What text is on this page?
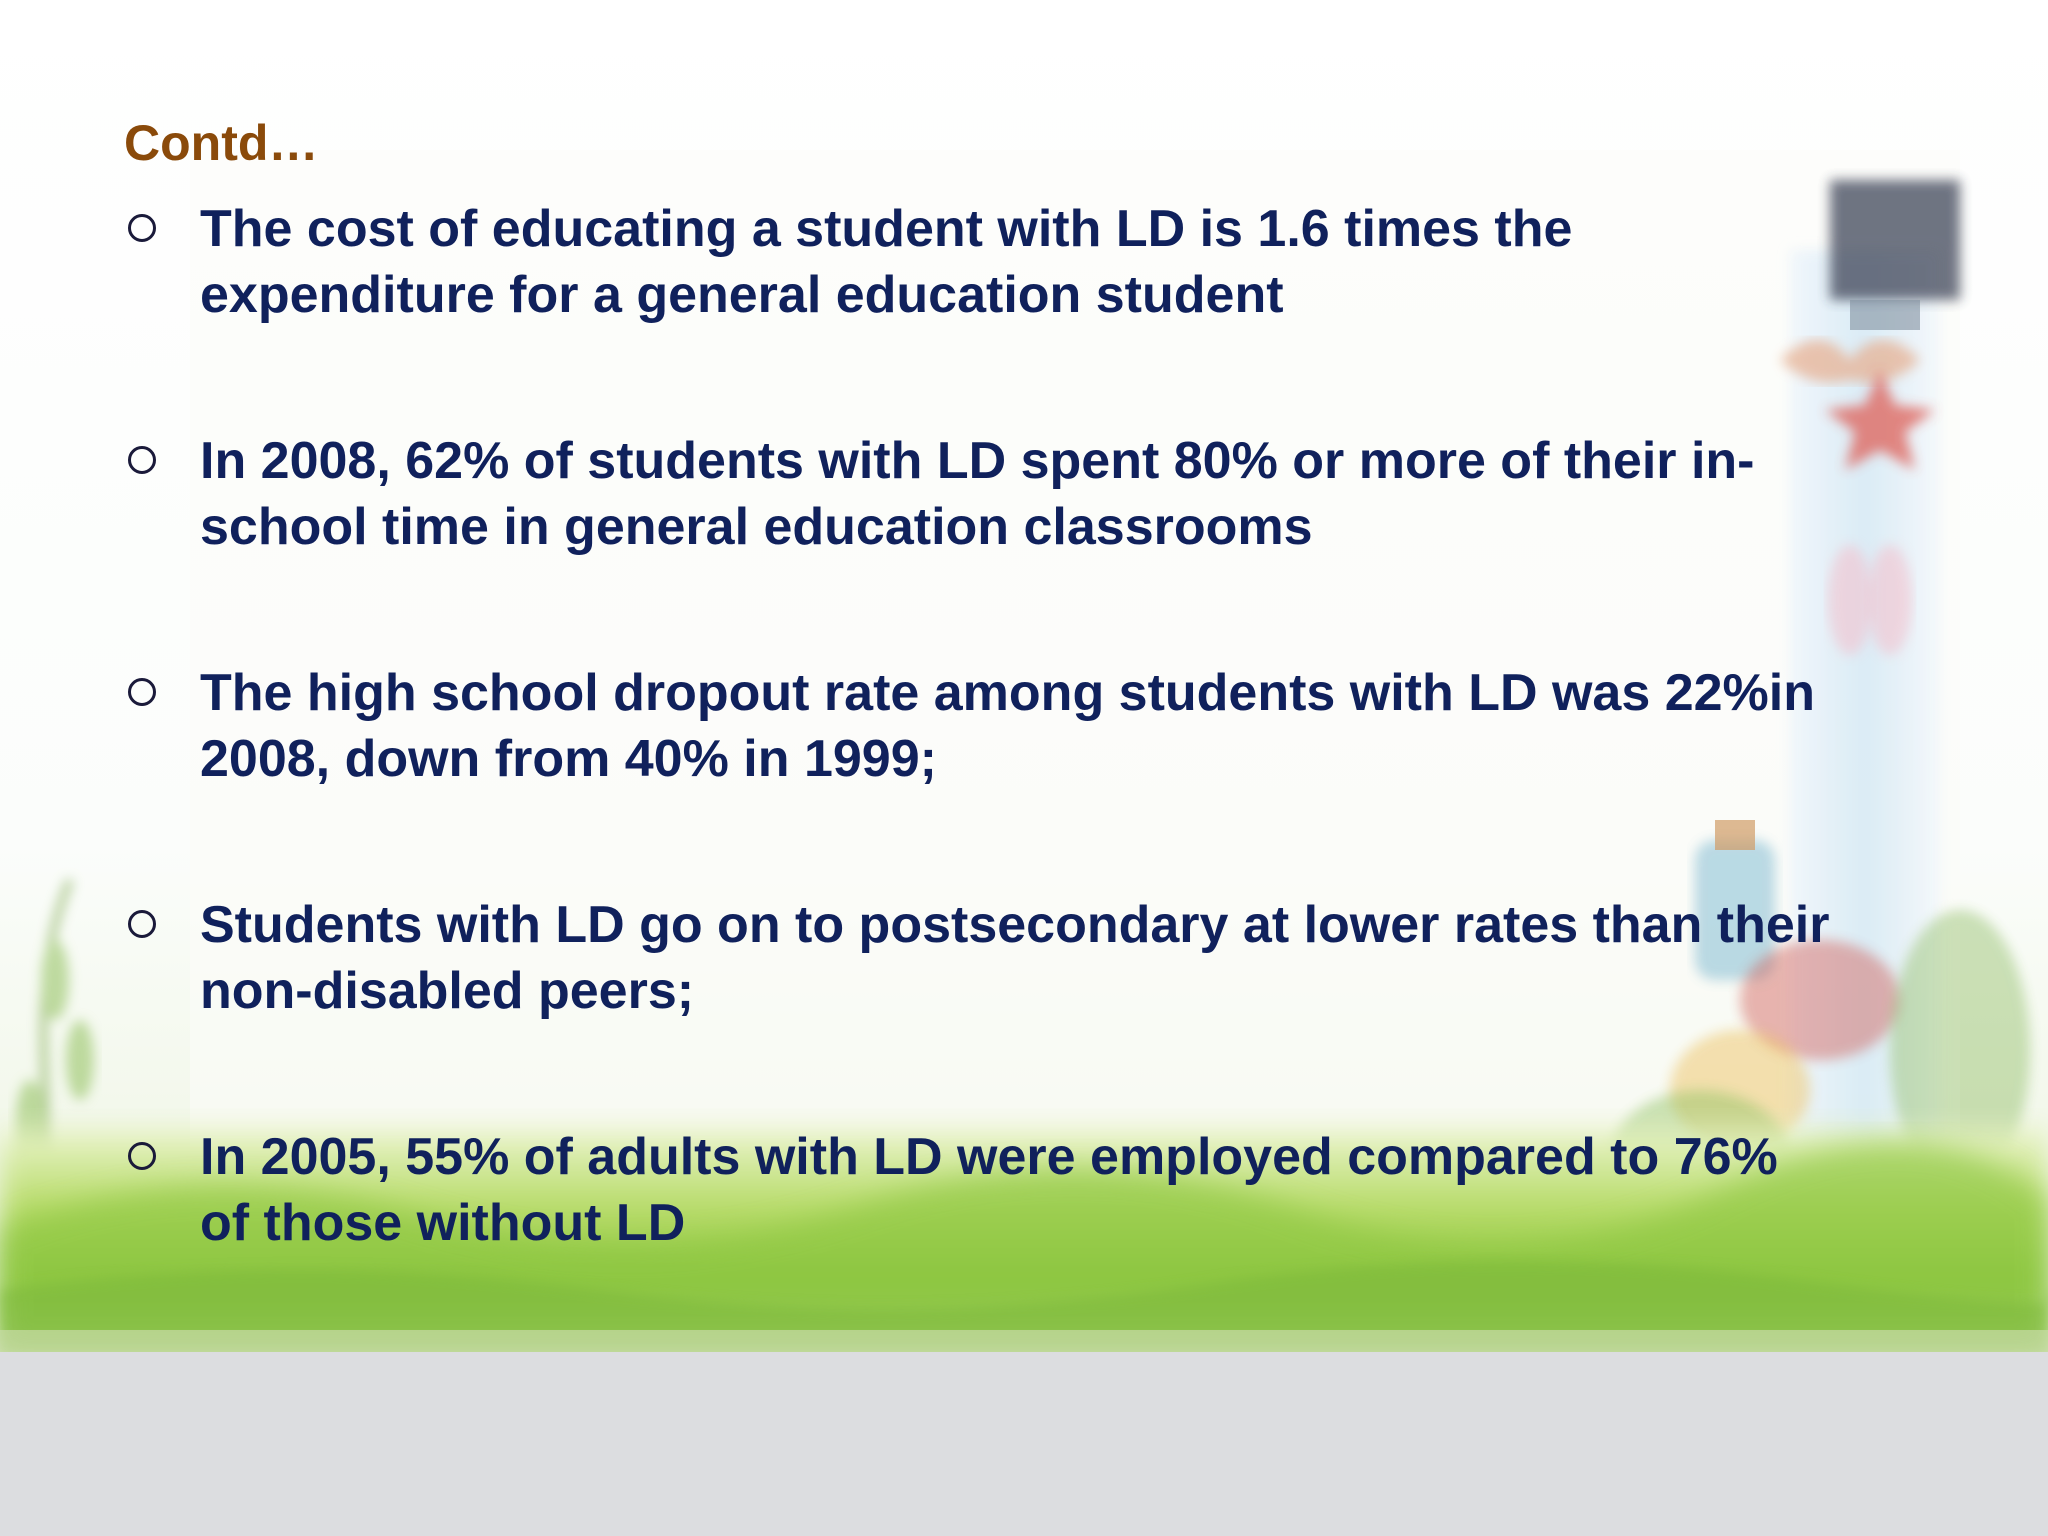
Contd…
The cost of educating a student with LD is 1.6 times the
expenditure for a general education student
In 2008, 62% of students with LD spent 80% or more of their in-
school time in general education classrooms
The high school dropout rate among students with LD was 22%in
2008, down from 40% in 1999;
Students with LD go on to postsecondary at lower rates than their
non-disabled peers;
In 2005, 55% of adults with LD were employed compared to 76%
of those without LD
